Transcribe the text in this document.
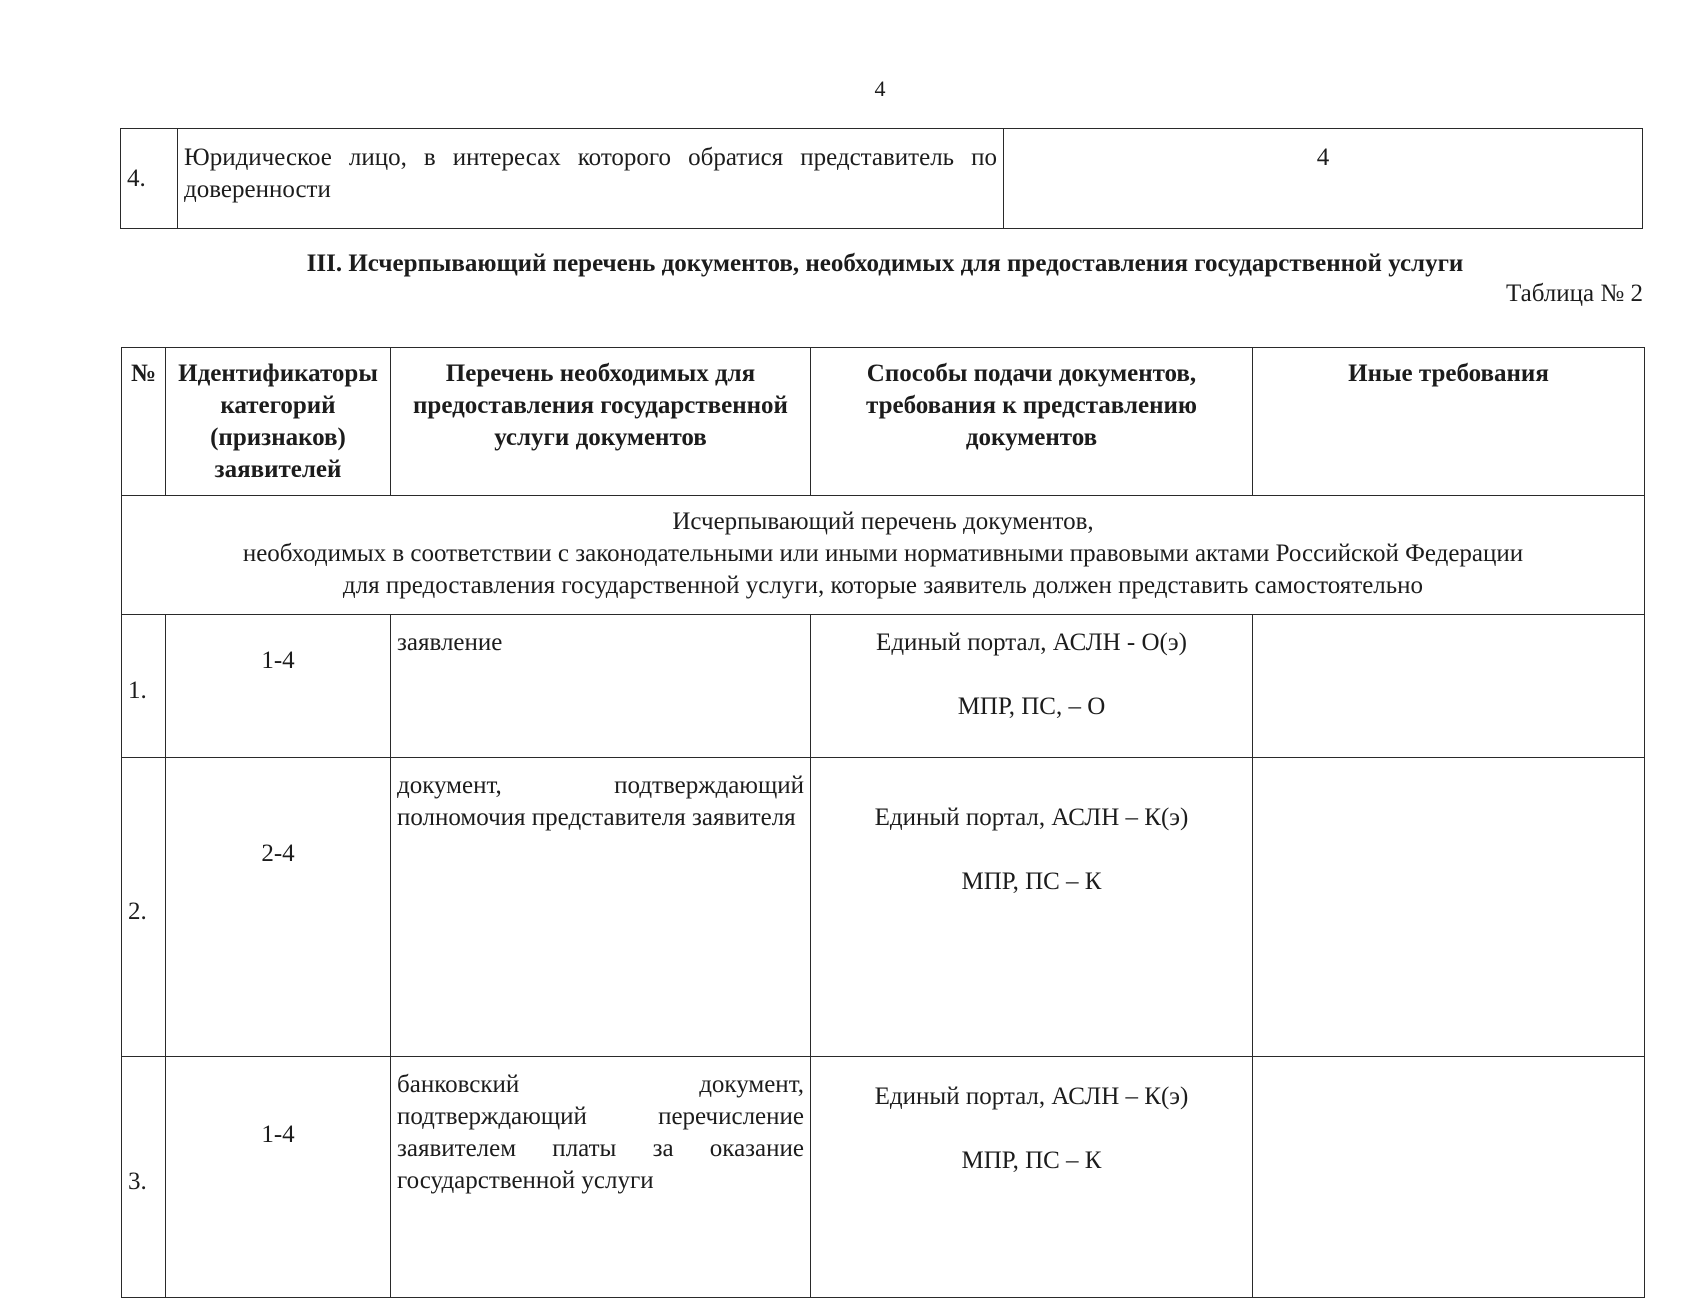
4
4.	Юридическое лицо, в интересах которого обратися представитель по доверенности	4
III. Исчерпывающий перечень документов, необходимых для предоставления государственной услуги
Таблица № 2
№	Идентификаторы категорий (признаков) заявителей	Перечень необходимых для предоставления государственной услуги документов	Способы подачи документов, требования к представлению документов	Иные требования

Исчерпывающий перечень документов,
необходимых в соответствии с законодательными или иными нормативными правовыми актами Российской Федерации
для предоставления государственной услуги, которые заявитель должен представить самостоятельно				

1.	1-4	заявление	Единый портал, АСЛН - О(э)
МПР, ПС, – О	

2.	2-4	документ, подтверждающий полномочия представителя заявителя	Единый портал, АСЛН – К(э)
МПР, ПС – К	

3.	1-4	банковский документ, подтверждающий перечисление заявителем платы за оказание государственной услуги	Единый портал, АСЛН – К(э)
МПР, ПС – К	
